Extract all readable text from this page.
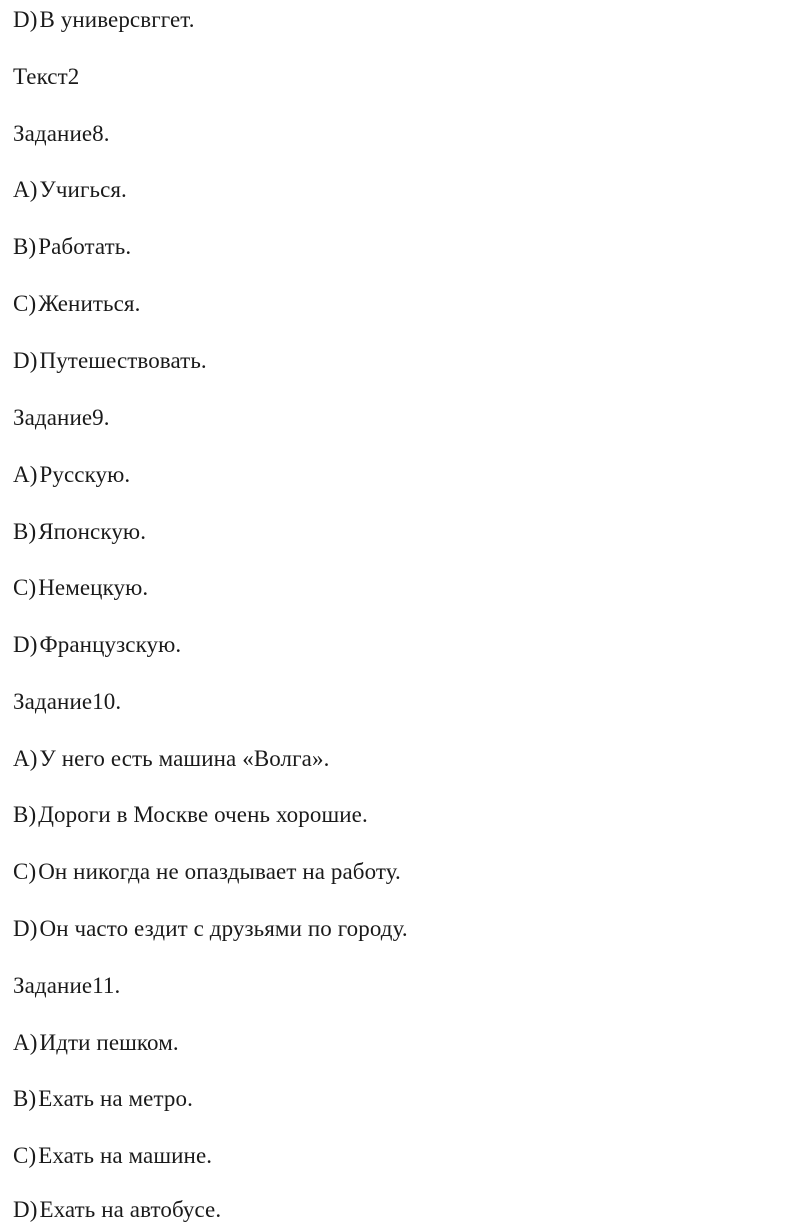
D) В универсвггет.
Текст2
Задание8.
A) Учигься.
B) Работать.
C) Жениться.
D) Путешествовать.
Задание9.
A) Русскую.
B) Японскую.
C) Немецкую.
D) Французскую.
Задание10.
A) У него есть машина «Волга».
B) Дороги в Москве очень хорошие.
C) Он никогда не опаздывает на работу.
D) Он часто ездит с друзьями по городу.
Задание11.
A) Идти пешком.
B) Ехать на метро.
C) Ехать на машине.
D) Ехать на автобусе.
